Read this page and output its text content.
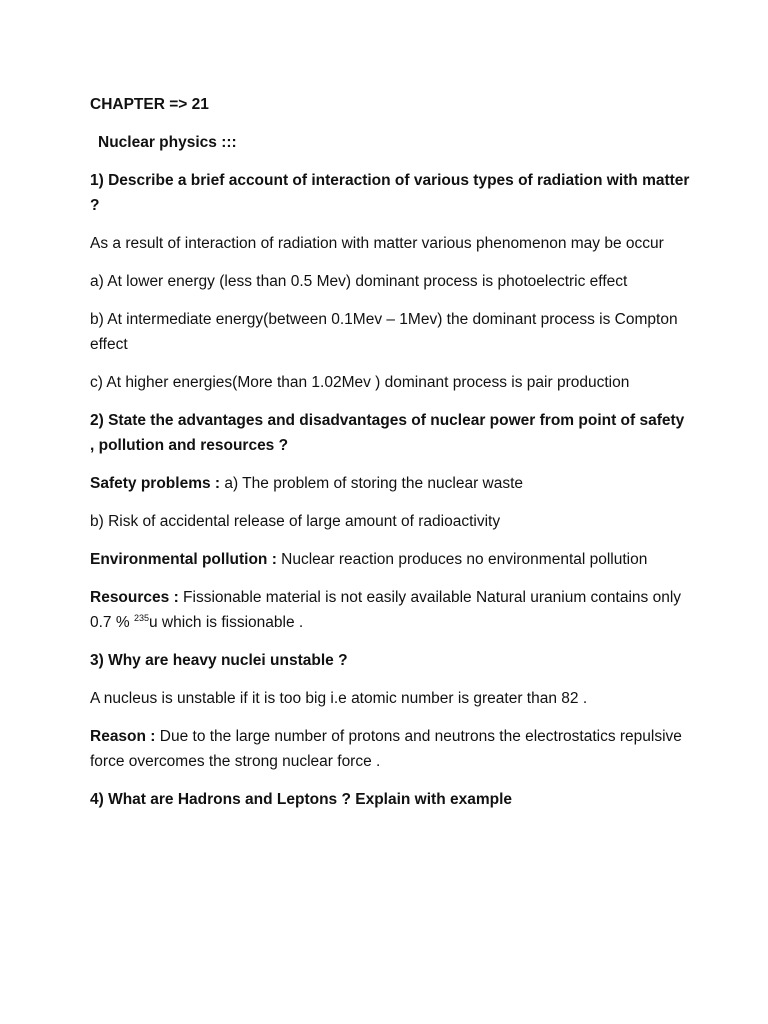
CHAPTER => 21

Nuclear physics :::

1) Describe a brief account of interaction of various types of radiation with matter ?

As a result of interaction of radiation with matter various phenomenon may be occur

a) At lower energy (less than 0.5 Mev) dominant process is photoelectric effect

b) At intermediate energy(between 0.1Mev – 1Mev) the dominant process is Compton effect

c) At higher energies(More than 1.02Mev ) dominant process is pair production

2) State the advantages and disadvantages of nuclear power from point of safety , pollution and resources ?

Safety problems : a) The problem of storing the nuclear waste

b) Risk of accidental release of large amount of radioactivity

Environmental pollution : Nuclear reaction produces no environmental pollution

Resources : Fissionable material is not easily available Natural uranium contains only 0.7 % $^{235}$u which is fissionable .

3) Why are heavy nuclei unstable ?

A nucleus is unstable if it is too big i.e atomic number is greater than 82 .

Reason : Due to the large number of protons and neutrons the electrostatics repulsive force overcomes the strong nuclear force .

4) What are Hadrons and Leptons ? Explain with example
